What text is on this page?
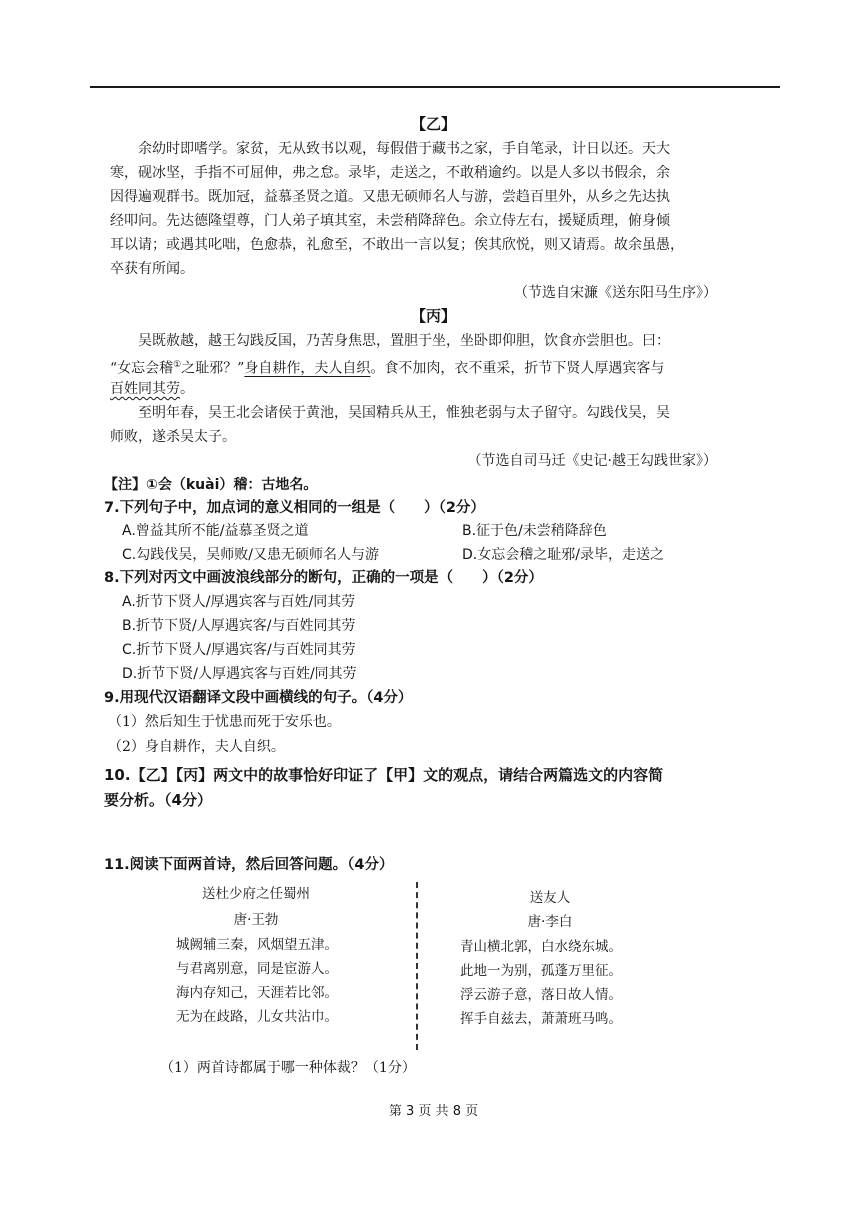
【乙】
余幼时即嗜学。家贫，无从致书以观，每假借于藏书之家，手自笔录，计日以还。天大
寒，砚冰坚，手指不可屈伸，弗之怠。录毕，走送之，不敢稍逾约。以是人多以书假余，余
因得遍观群书。既加冠，益慕圣贤之道。又患无硕师名人与游，尝趋百里外，从乡之先达执
经叩问。先达德隆望尊，门人弟子填其室，未尝稍降辞色。余立侍左右，援疑质理，俯身倾
耳以请；或遇其叱咄，色愈恭，礼愈至，不敢出一言以复；俟其欣悦，则又请焉。故余虽愚，
卒获有所闻。
（节选自宋濂《送东阳马生序》）
【丙】
吴既赦越，越王勾践反国，乃苦身焦思，置胆于坐，坐卧即仰胆，饮食亦尝胆也。曰：
“女忘会稽①之耻邪？”身自耕作，夫人自织。食不加肉，衣不重采，折节下贤人厚遇宾客与
百姓同其劳。
至明年春，吴王北会诸侯于黄池，吴国精兵从王，惟独老弱与太子留守。勾践伐吴，吴
师败，遂杀吴太子。
（节选自司马迁《史记·越王勾践世家》）
【注】①会（kuài）稽：古地名。
7.下列句子中，加点词的意义相同的一组是（　　）（2分）
A.曾益其所不能/益慕圣贤之道	B.征于色/未尝稍降辞色
C.勾践伐吴，吴师败/又患无硕师名人与游	D.女忘会稽之耻邪/录毕，走送之
8.下列对丙文中画波浪线部分的断句，正确的一项是（　　）（2分）
A.折节下贤人/厚遇宾客与百姓/同其劳
B.折节下贤/人厚遇宾客/与百姓同其劳
C.折节下贤人/厚遇宾客/与百姓同其劳
D.折节下贤/人厚遇宾客与百姓/同其劳
9.用现代汉语翻译文段中画横线的句子。（4分）
（1）然后知生于忧患而死于安乐也。
（2）身自耕作，夫人自织。
10.【乙】【丙】两文中的故事恰好印证了【甲】文的观点，请结合两篇选文的内容简
要分析。（4分）
11.阅读下面两首诗，然后回答问题。（4分）
送杜少府之任蜀州
唐·王勃
城阙辅三秦，风烟望五津。
与君离别意，同是宦游人。
海内存知己，天涯若比邻。
无为在歧路，儿女共沾巾。
送友人
唐·李白
青山横北郭，白水绕东城。
此地一为别，孤蓬万里征。
浮云游子意，落日故人情。
挥手自兹去，萧萧班马鸣。
（1）两首诗都属于哪一种体裁？（1分）
第 3 页 共 8 页
